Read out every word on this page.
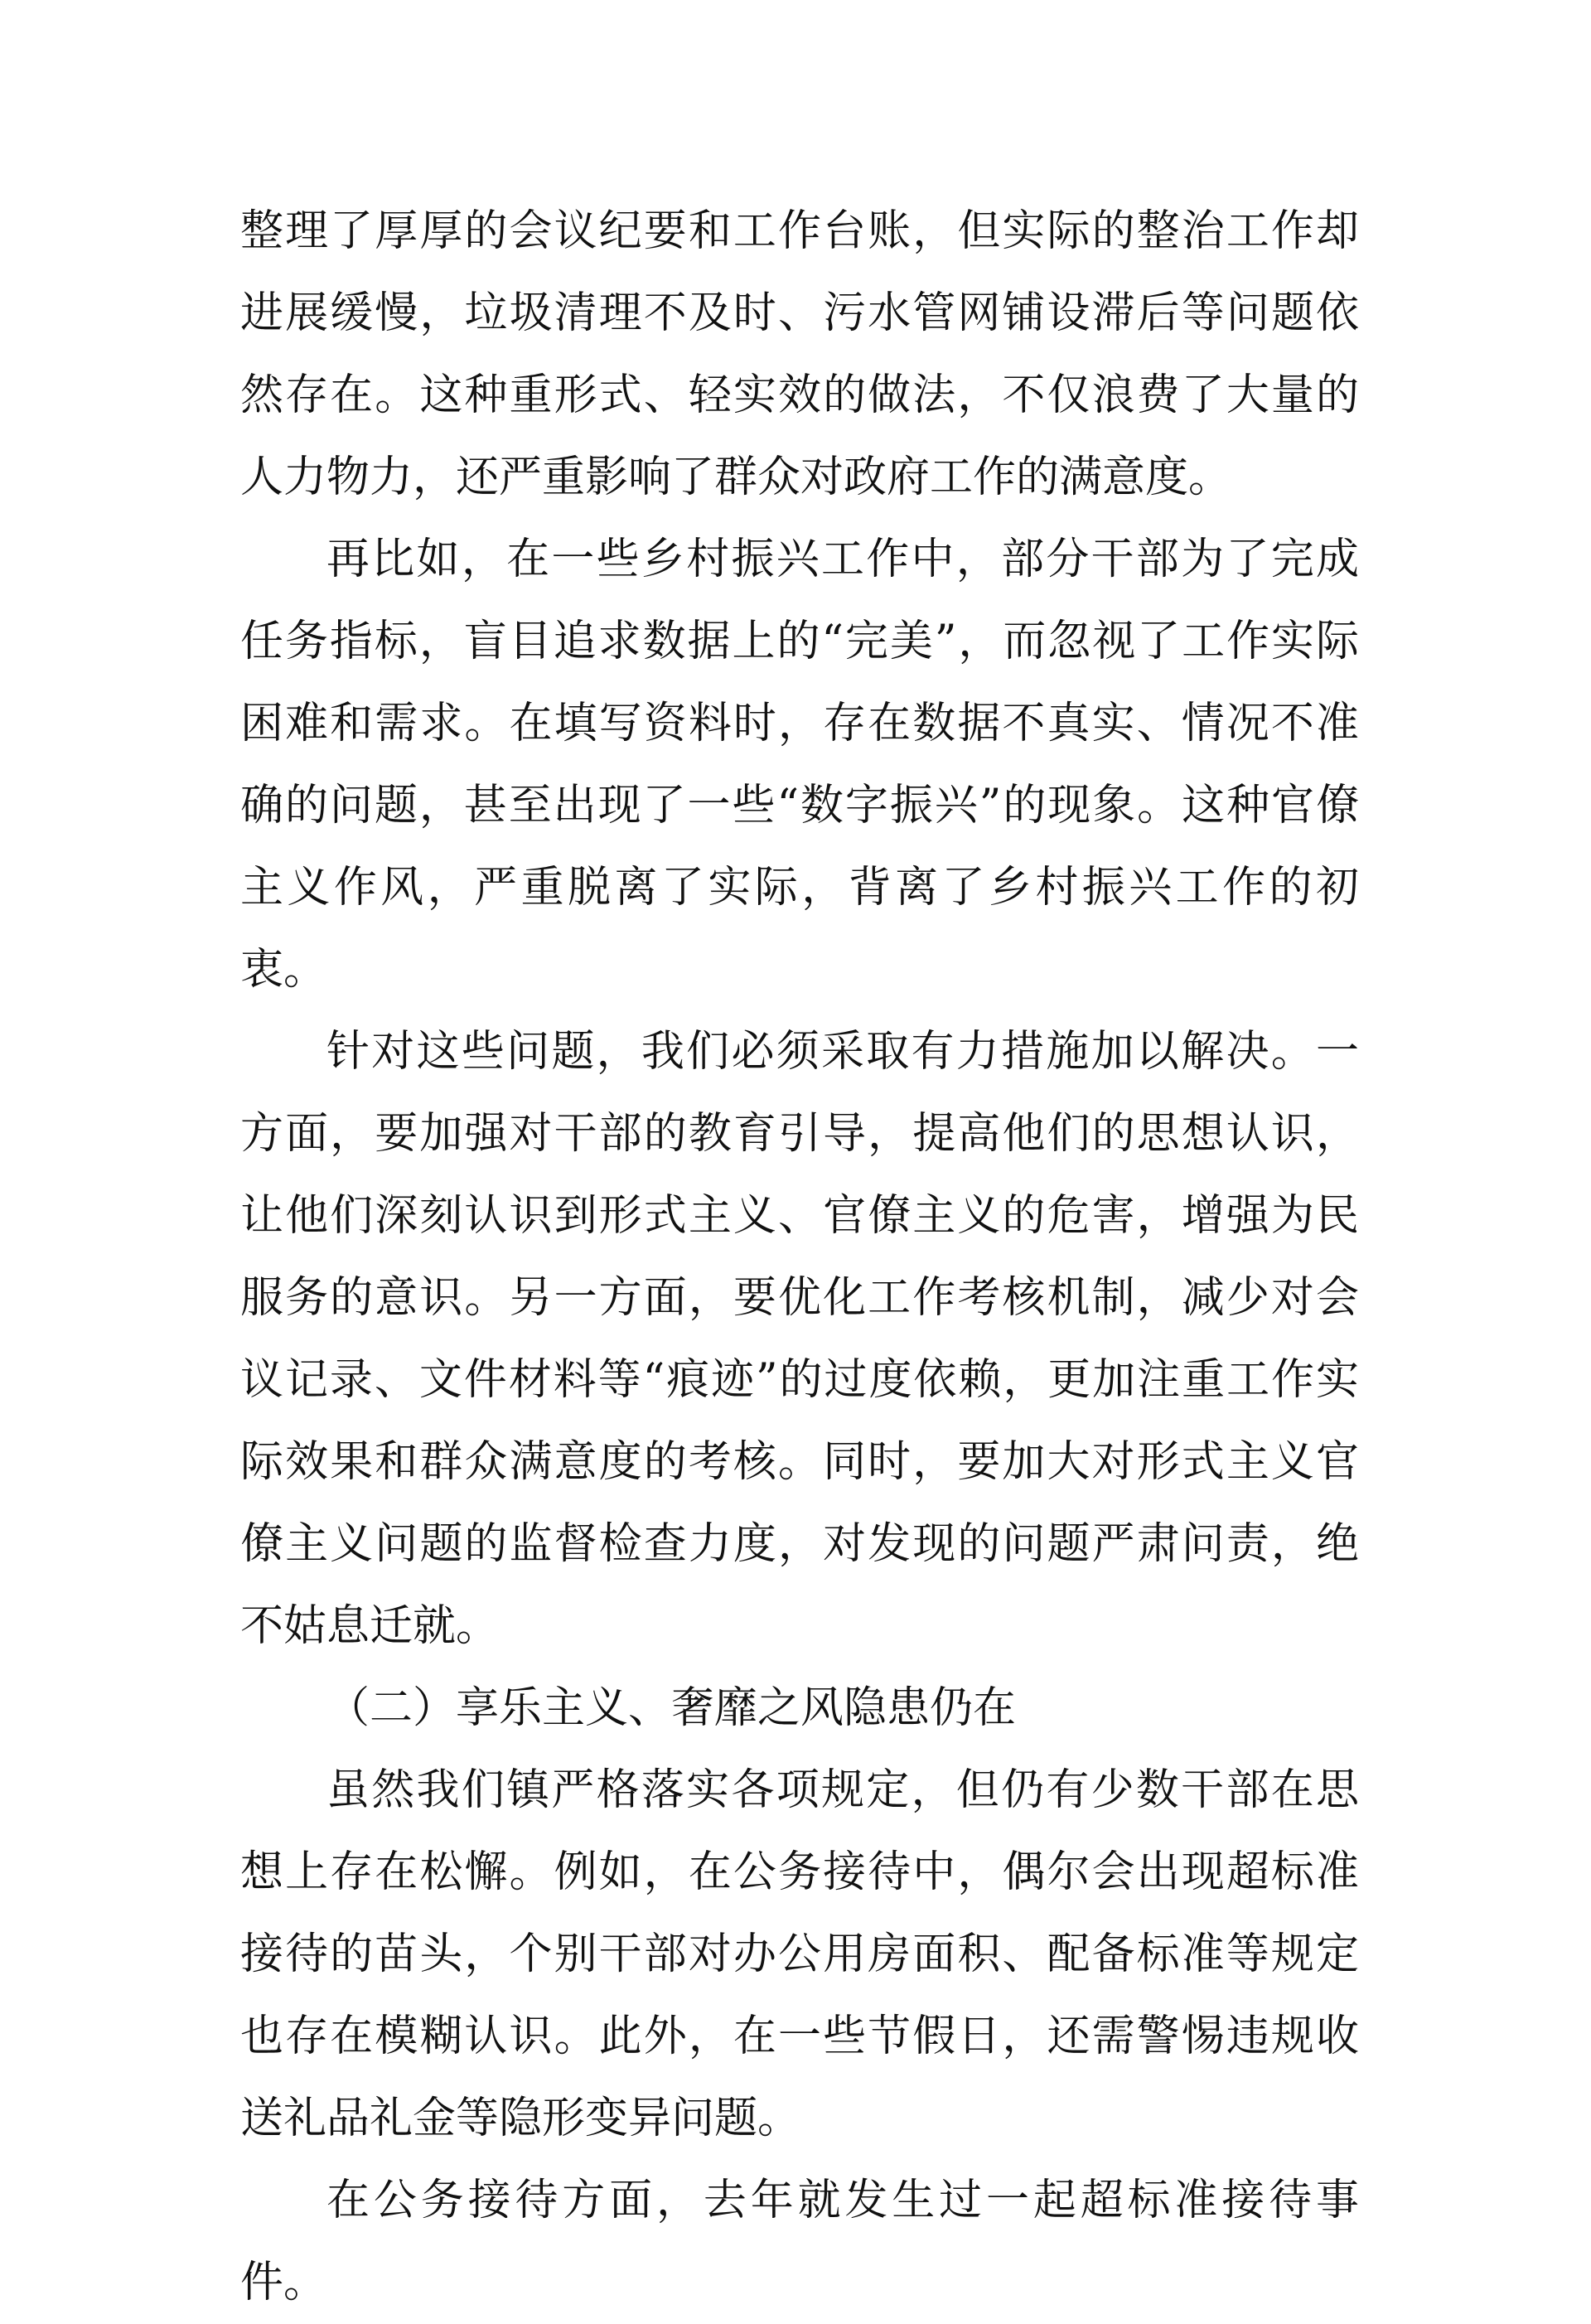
整理了厚厚的会议纪要和工作台账，但实际的整治工作却进展缓慢，垃圾清理不及时、污水管网铺设滞后等问题依然存在。这种重形式、轻实效的做法，不仅浪费了大量的人力物力，还严重影响了群众对政府工作的满意度。

再比如，在一些乡村振兴工作中，部分干部为了完成任务指标，盲目追求数据上的“完美”，而忽视了工作实际困难和需求。在填写资料时，存在数据不真实、情况不准确的问题，甚至出现了一些“数字振兴”的现象。这种官僚主义作风，严重脱离了实际，背离了乡村振兴工作的初衷。

针对这些问题，我们必须采取有力措施加以解决。一方面，要加强对干部的教育引导，提高他们的思想认识，让他们深刻认识到形式主义、官僚主义的危害，增强为民服务的意识。另一方面，要优化工作考核机制，减少对会议记录、文件材料等“痕迹”的过度依赖，更加注重工作实际效果和群众满意度的考核。同时，要加大对形式主义官僚主义问题的监督检查力度，对发现的问题严肃问责，绝不姑息迁就。

（二）享乐主义、奢靡之风隐患仍在

虽然我们镇严格落实各项规定，但仍有少数干部在思想上存在松懈。例如，在公务接待中，偶尔会出现超标准接待的苗头，个别干部对办公用房面积、配备标准等规定也存在模糊认识。此外，在一些节假日，还需警惕违规收送礼品礼金等隐形变异问题。

在公务接待方面，去年就发生过一起超标准接待事件。
